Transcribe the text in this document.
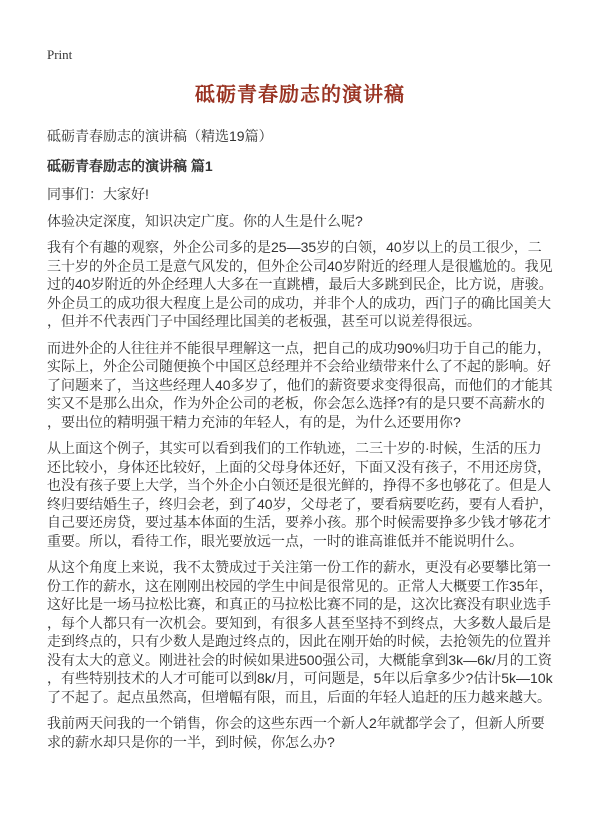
Print
砥砺青春励志的演讲稿
砥砺青春励志的演讲稿（精选19篇）
砥砺青春励志的演讲稿 篇1

同事们：大家好!

体验决定深度，知识决定广度。你的人生是什么呢?

我有个有趣的观察，外企公司多的是25—35岁的白领，40岁以上的员工很少，二三十岁的外企员工是意气风发的，但外企公司40岁附近的经理人是很尴尬的。我见过的40岁附近的外企经理人大多在一直跳槽，最后大多跳到民企，比方说，唐骏。外企员工的成功很大程度上是公司的成功，并非个人的成功，西门子的确比国美大，但并不代表西门子中国经理比国美的老板强，甚至可以说差得很远。

而进外企的人往往并不能很早理解这一点，把自己的成功90%归功于自己的能力，实际上，外企公司随便换个中国区总经理并不会给业绩带来什么了不起的影响。好了问题来了，当这些经理人40多岁了，他们的薪资要求变得很高，而他们的才能其实又不是那么出众，作为外企公司的老板，你会怎么选择?有的是只要不高薪水的，要出位的精明强干精力充沛的年轻人，有的是，为什么还要用你?

从上面这个例子，其实可以看到我们的工作轨迹，二三十岁的·时候，生活的压力还比较小，身体还比较好，上面的父母身体还好，下面又没有孩子，不用还房贷，也没有孩子要上大学，当个外企小白领还是很光鲜的，挣得不多也够花了。但是人终归要结婚生子，终归会老，到了40岁，父母老了，要看病要吃药，要有人看护，自己要还房贷，要过基本体面的生活，要养小孩。那个时候需要挣多少钱才够花才重要。所以，看待工作，眼光要放远一点，一时的谁高谁低并不能说明什么。

从这个角度上来说，我不太赞成过于关注第一份工作的薪水，更没有必要攀比第一份工作的薪水，这在刚刚出校园的学生中间是很常见的。正常人大概要工作35年，这好比是一场马拉松比赛，和真正的马拉松比赛不同的是，这次比赛没有职业选手，每个人都只有一次机会。要知到，有很多人甚至坚持不到终点，大多数人最后是走到终点的，只有少数人是跑过终点的，因此在刚开始的时候，去抢领先的位置并没有太大的意义。刚进社会的时候如果进500强公司，大概能拿到3k—6k/月的工资，有些特别技术的人才可能可以到8k/月，可问题是，5年以后拿多少?估计5k—10k了不起了。起点虽然高，但增幅有限，而且，后面的年轻人追赶的压力越来越大。

我前两天问我的一个销售，你会的这些东西一个新人2年就都学会了，但新人所要求的薪水却只是你的一半，到时候，你怎么办?
